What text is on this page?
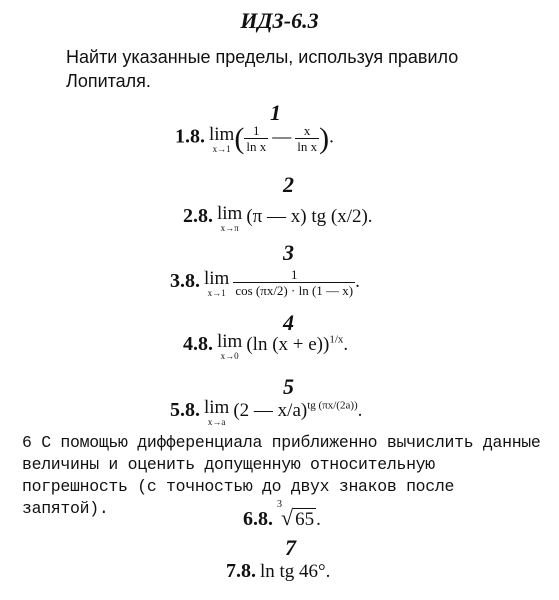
ИДЗ-6.3
Найти указанные пределы, используя правило Лопиталя.
1
1.8. lim
x→1 ( $\frac{1}{\text{ln x}}$ — $\frac{x}{\text{ln x}}$ ).
2
2.8. lim
x→π
(π — x) tg (x/2).
3
3.8. lim
x→1
$\frac{1}{\cos (\pi x/2) \cdot \ln (1 — x)}$ .
4
4.8. lim
x→0
(ln (x + e))$^{1/x}$.
5
5.8. lim
x→a
(2 — x/a)$^{tg (\pi x/(2a))}$.
6 С помощью дифференциала приближенно вычислить данные величины и оценить допущенную относительную погрешность (с точностью до двух знаков после запятой).	6.8.
3
√ 65 .
7
7.8. ln tg 46°.
